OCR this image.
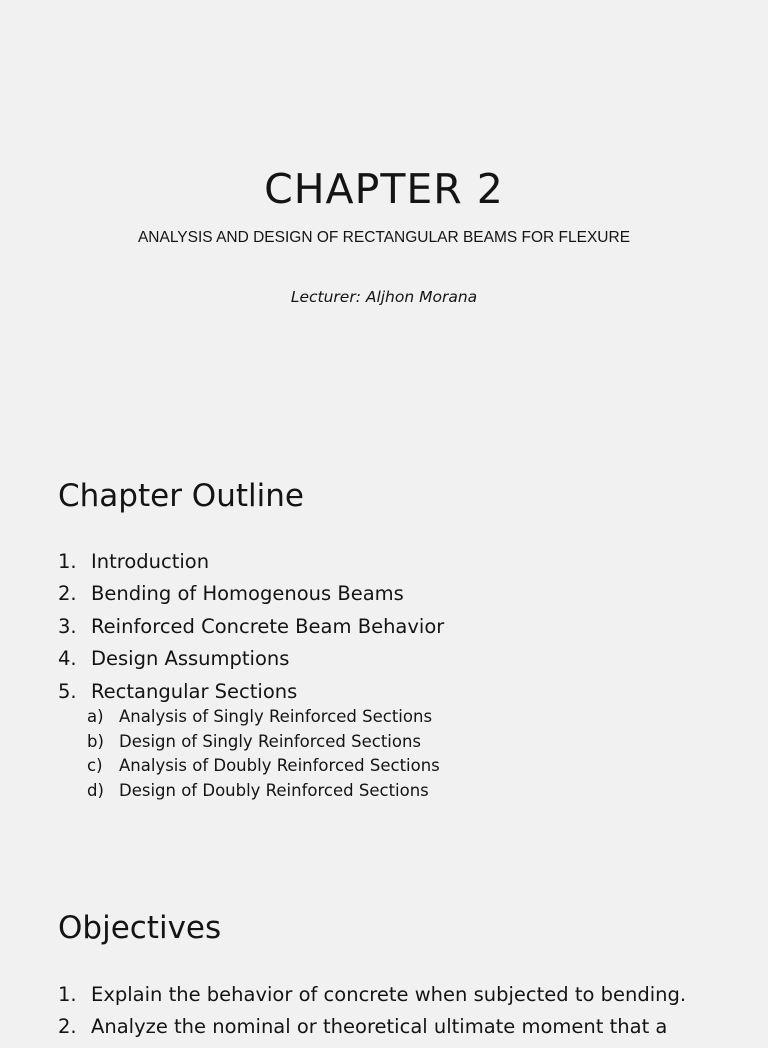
CHAPTER 2
ANALYSIS AND DESIGN OF RECTANGULAR BEAMS FOR FLEXURE
Lecturer: Aljhon Morana
Chapter Outline
1. Introduction
2. Bending of Homogenous Beams
3. Reinforced Concrete Beam Behavior
4. Design Assumptions
5. Rectangular Sections
a) Analysis of Singly Reinforced Sections
b) Design of Singly Reinforced Sections
c) Analysis of Doubly Reinforced Sections
d) Design of Doubly Reinforced Sections
Objectives
1. Explain the behavior of concrete when subjected to bending.
2. Analyze the nominal or theoretical ultimate moment that a
